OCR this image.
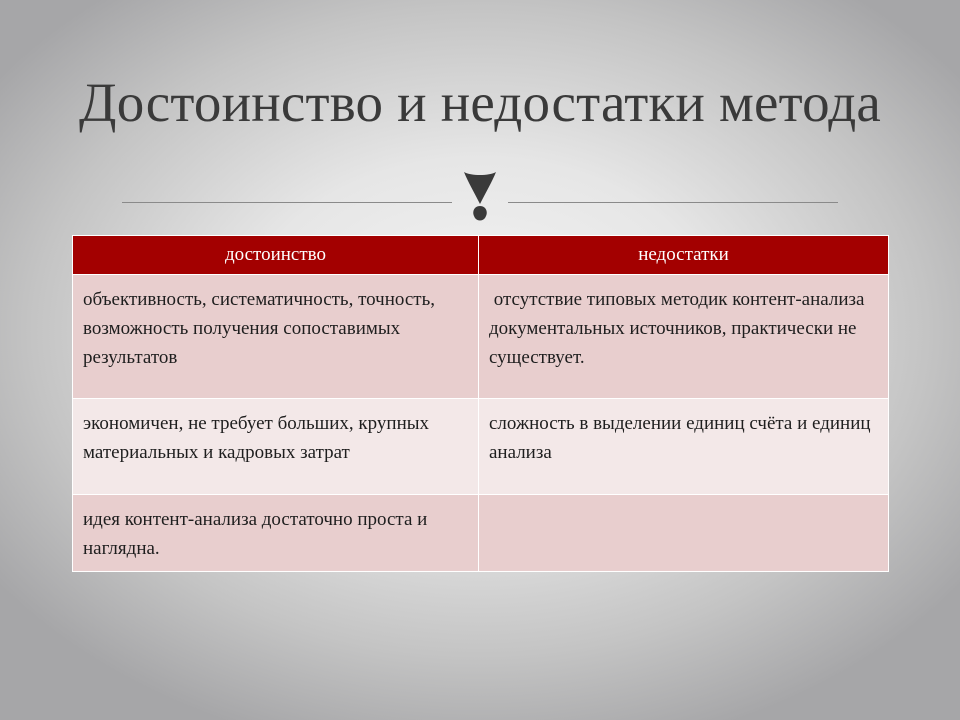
Достоинство и недостатки метода
достоинство	недостатки
объективность, систематичность, точность, возможность получения сопоставимых результатов	отсутствие типовых методик контент-анализа документальных источников, практически не существует.
экономичен, не требует больших, крупных материальных и кадровых затрат	сложность в выделении единиц счёта и единиц анализа
идея контент-анализа достаточно проста и наглядна.	
